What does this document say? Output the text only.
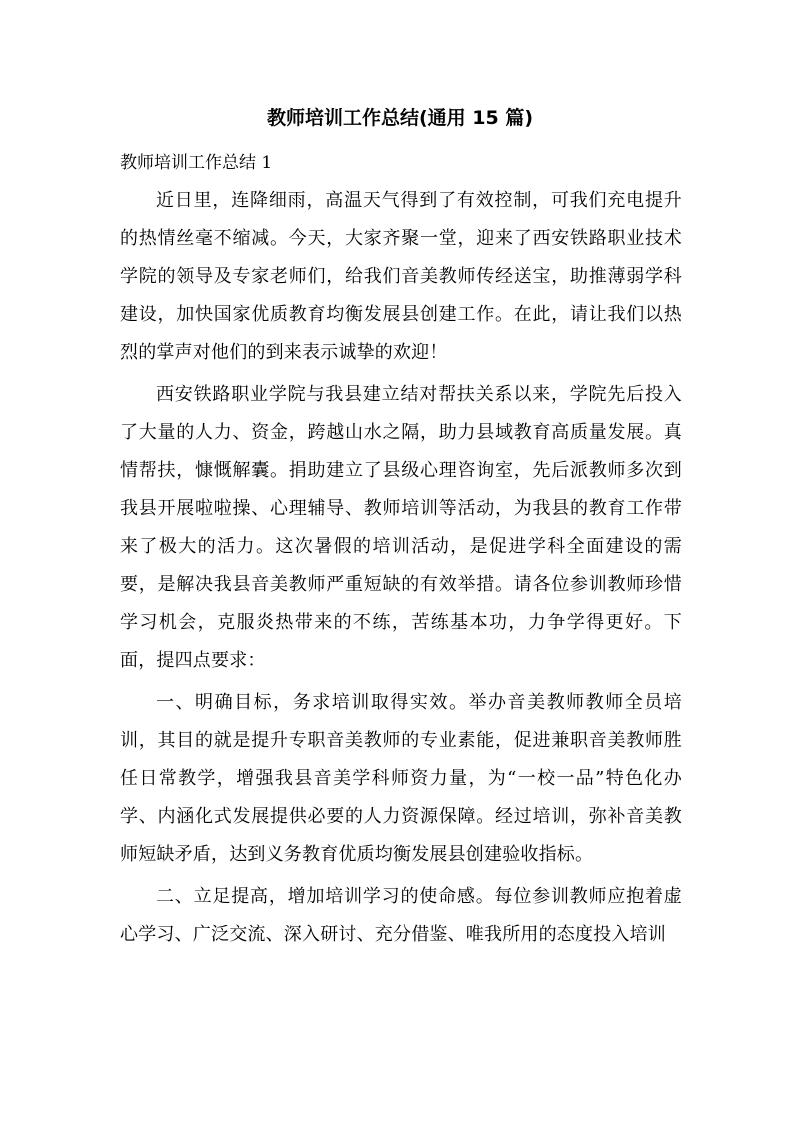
教师培训工作总结(通用 15 篇)

教师培训工作总结 1

近日里，连降细雨，高温天气得到了有效控制，可我们充电提升的热情丝毫不缩减。今天，大家齐聚一堂，迎来了西安铁路职业技术学院的领导及专家老师们，给我们音美教师传经送宝，助推薄弱学科建设，加快国家优质教育均衡发展县创建工作。在此，请让我们以热烈的掌声对他们的到来表示诚挚的欢迎！

西安铁路职业学院与我县建立结对帮扶关系以来，学院先后投入了大量的人力、资金，跨越山水之隔，助力县域教育高质量发展。真情帮扶，慷慨解囊。捐助建立了县级心理咨询室，先后派教师多次到我县开展啦啦操、心理辅导、教师培训等活动，为我县的教育工作带来了极大的活力。这次暑假的培训活动，是促进学科全面建设的需要，是解决我县音美教师严重短缺的有效举措。请各位参训教师珍惜学习机会，克服炎热带来的不练，苦练基本功，力争学得更好。下面，提四点要求：

一、明确目标，务求培训取得实效。举办音美教师教师全员培训，其目的就是提升专职音美教师的专业素能，促进兼职音美教师胜任日常教学，增强我县音美学科师资力量，为“一校一品”特色化办学、内涵化式发展提供必要的人力资源保障。经过培训，弥补音美教师短缺矛盾，达到义务教育优质均衡发展县创建验收指标。

二、立足提高，增加培训学习的使命感。每位参训教师应抱着虚心学习、广泛交流、深入研讨、充分借鉴、唯我所用的态度投入培训
